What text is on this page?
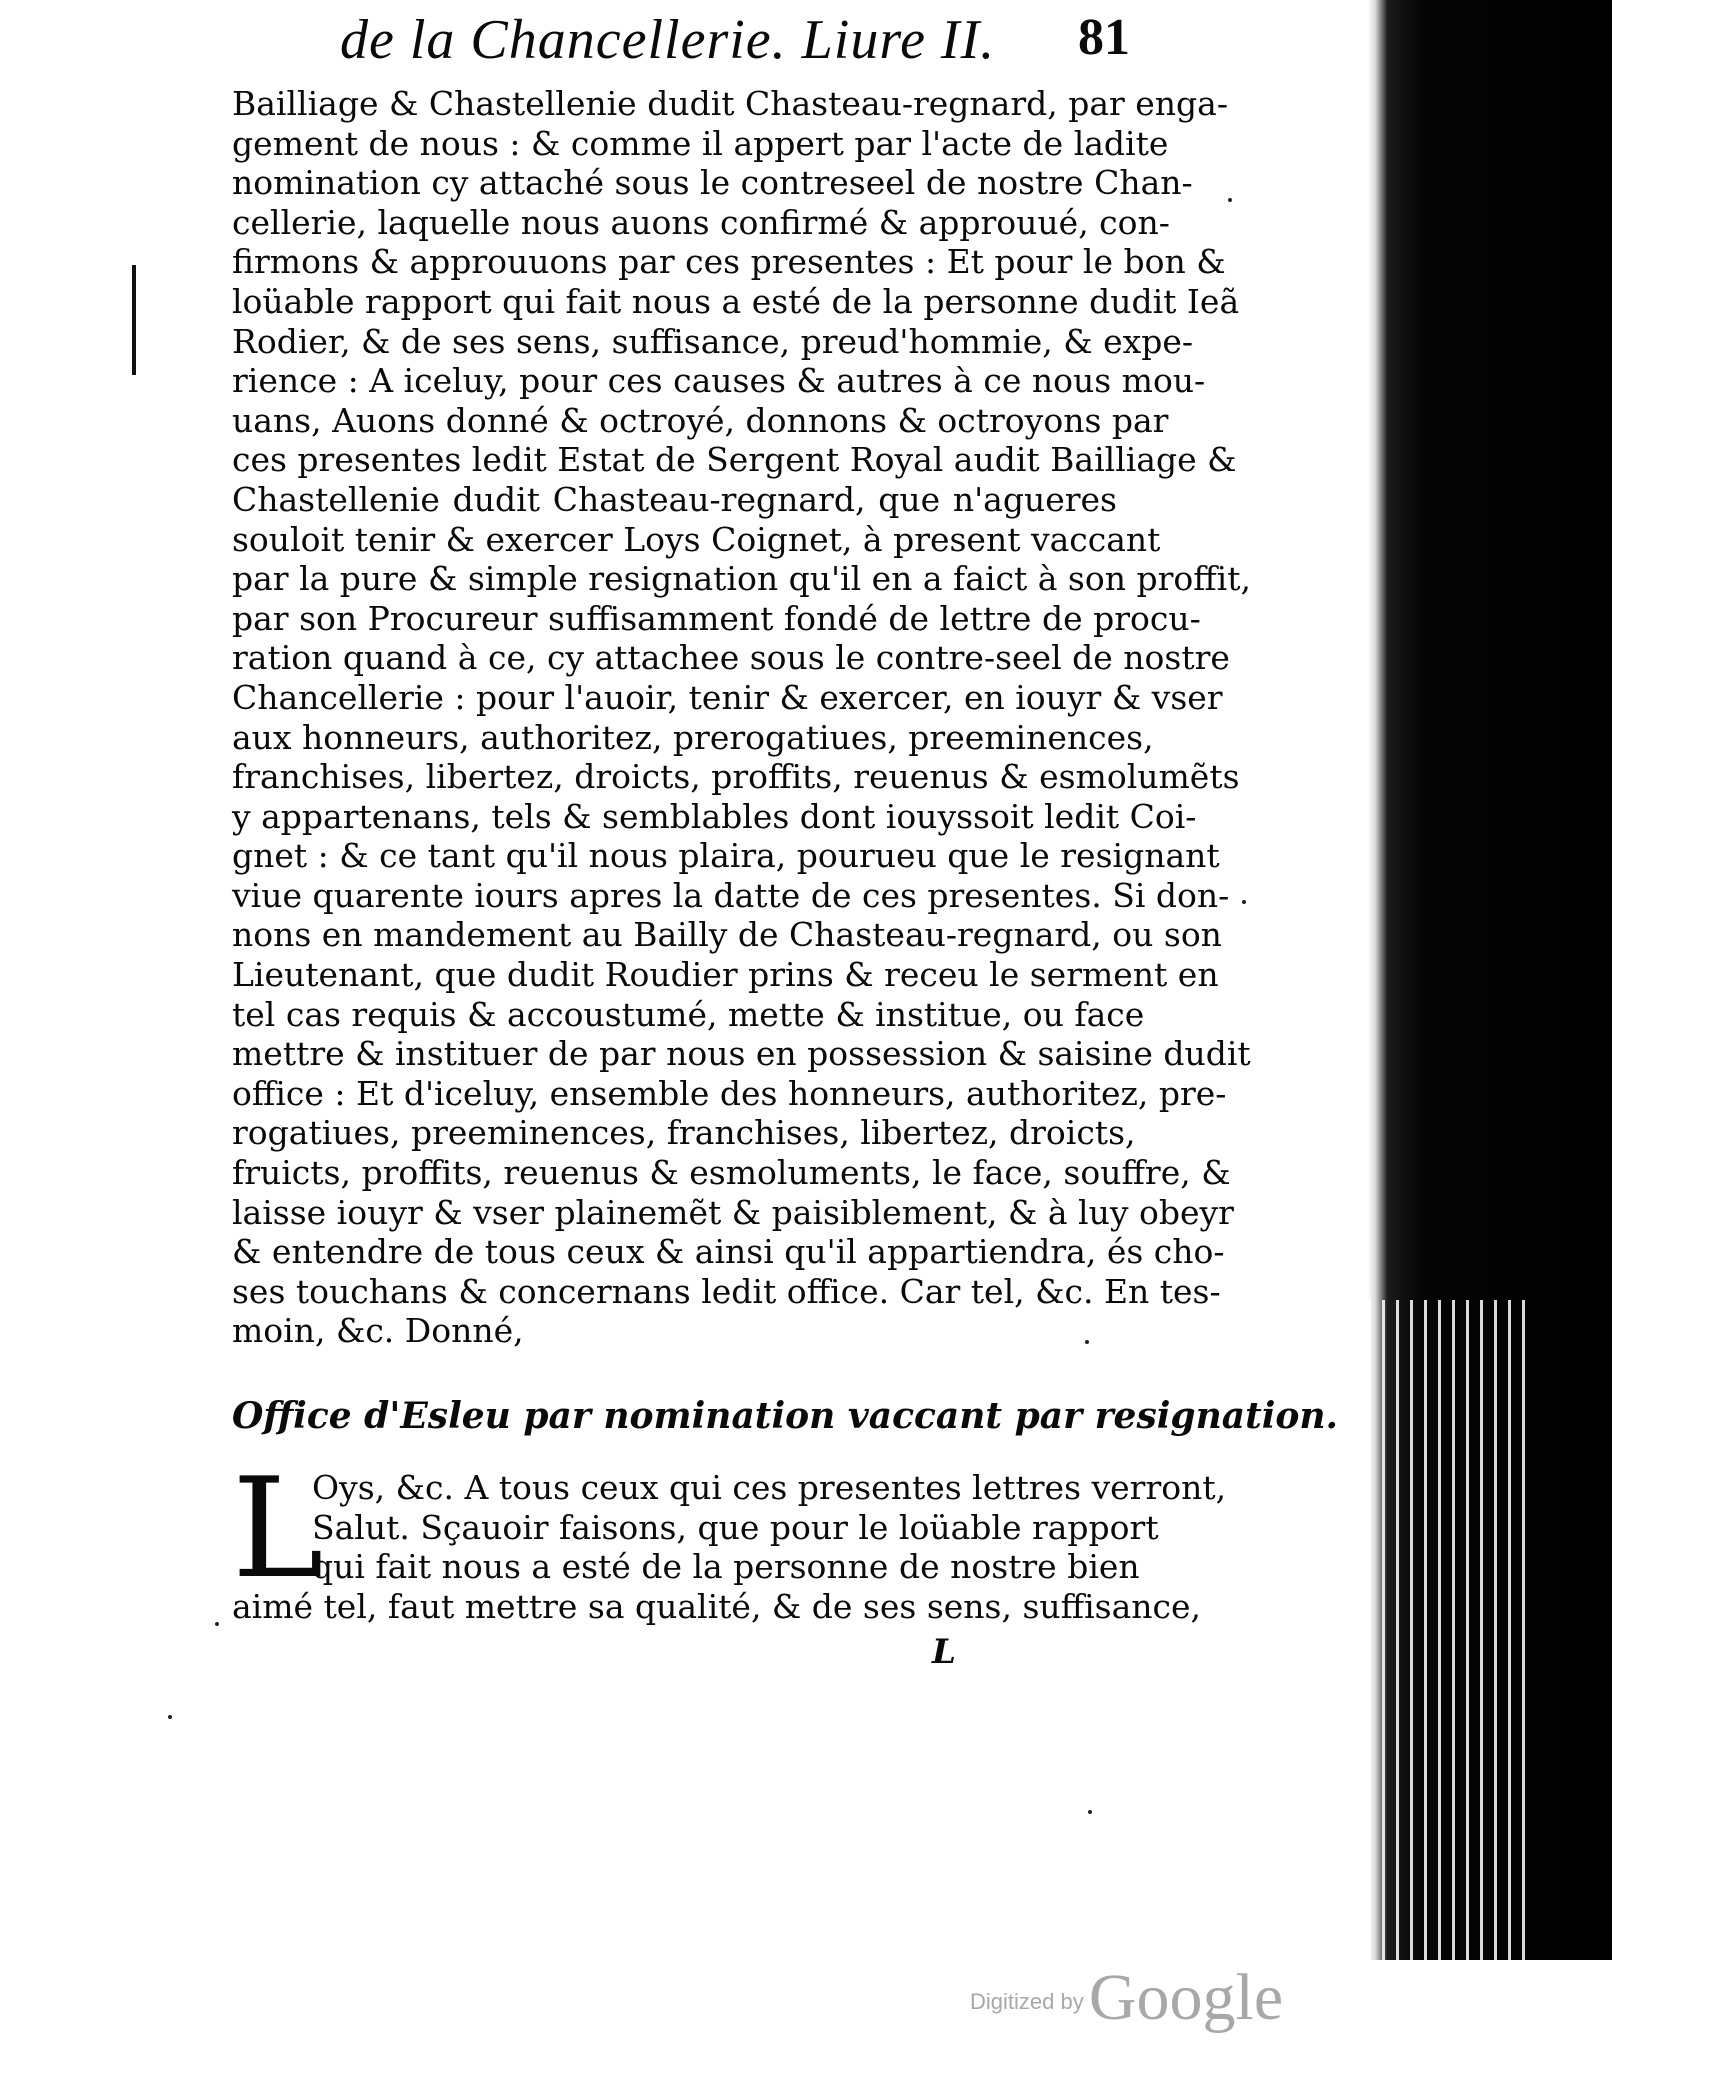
de la Chancellerie. Liure II. 81
Bailliage & Chastellenie dudit Chasteau-regnard, par enga-
gement de nous : & comme il appert par l'acte de ladite
nomination cy attaché sous le contreseel de nostre Chan-
cellerie, laquelle nous auons confirmé & approuué, con-
firmons & approuuons par ces presentes : Et pour le bon &
loüable rapport qui fait nous a esté de la personne dudit Ieã
Rodier, & de ses sens, suffisance, preud'hommie, & expe-
rience : A iceluy, pour ces causes & autres à ce nous mou-
uans, Auons donné & octroyé, donnons & octroyons par
ces presentes ledit Estat de Sergent Royal audit Bailliage &
Chastellenie dudit Chasteau-regnard, que n'agueres
souloit tenir & exercer Loys Coignet, à present vaccant
par la pure & simple resignation qu'il en a faict à son proffit,
par son Procureur suffisamment fondé de lettre de procu-
ration quand à ce, cy attachee sous le contre-seel de nostre
Chancellerie : pour l'auoir, tenir & exercer, en iouyr & vser
aux honneurs, authoritez, prerogatiues, preeminences,
franchises, libertez, droicts, proffits, reuenus & esmolumẽts
y appartenans, tels & semblables dont iouyssoit ledit Coi-
gnet : & ce tant qu'il nous plaira, pourueu que le resignant
viue quarente iours apres la datte de ces presentes. Si don-
nons en mandement au Bailly de Chasteau-regnard, ou son
Lieutenant, que dudit Roudier prins & receu le serment en
tel cas requis & accoustumé, mette & institue, ou face
mettre & instituer de par nous en possession & saisine dudit
office : Et d'iceluy, ensemble des honneurs, authoritez, pre-
rogatiues, preeminences, franchises, libertez, droicts,
fruicts, proffits, reuenus & esmoluments, le face, souffre, &
laisse iouyr & vser plainemẽt & paisiblement, & à luy obeyr
& entendre de tous ceux & ainsi qu'il appartiendra, és cho-
ses touchans & concernans ledit office. Car tel, &c. En tes-
moin, &c. Donné,
Office d'Esleu par nomination vaccant par resignation.
L
Oys, &c. A tous ceux qui ces presentes lettres verront,
Salut. Sçauoir faisons, que pour le loüable rapport
qui fait nous a esté de la personne de nostre bien
aimé tel, faut mettre sa qualité, & de ses sens, suffisance,
L
Digitized by Google
